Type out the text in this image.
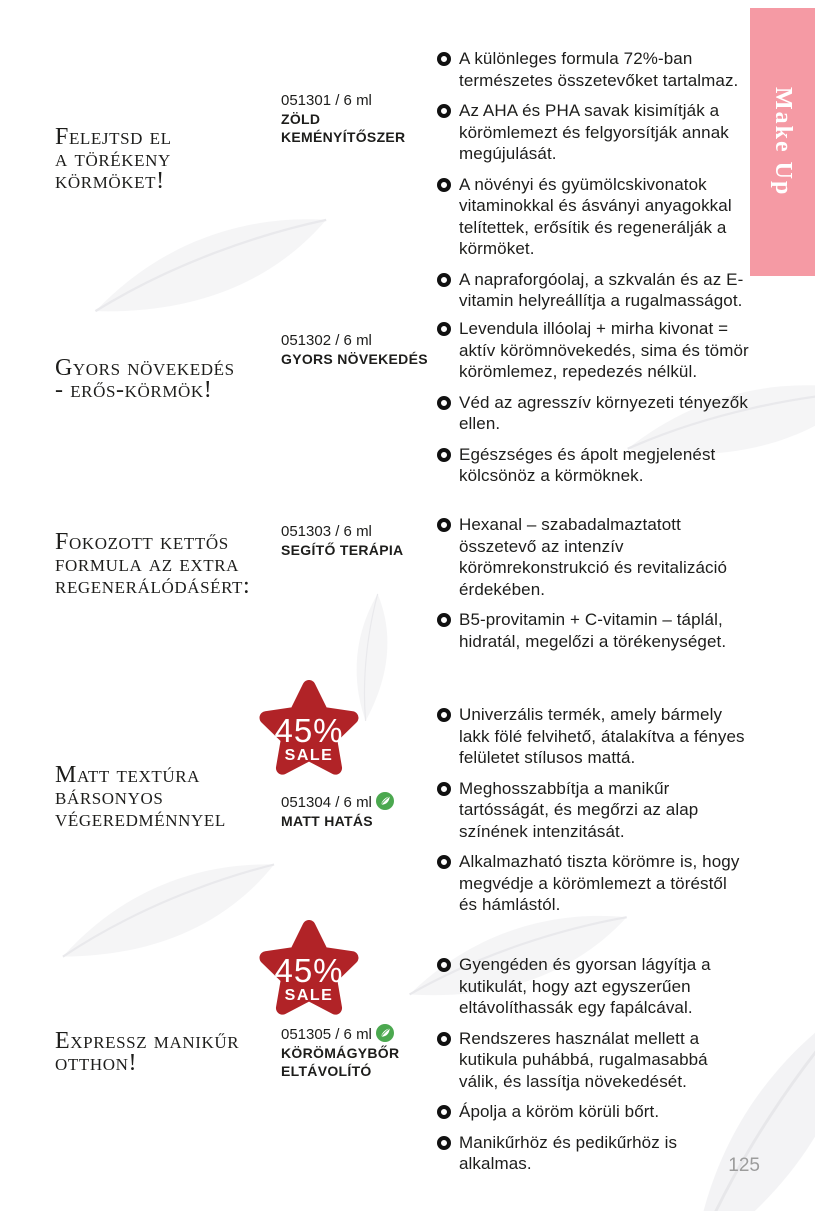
Make Up
A különleges formula 72%-ban természetes összetevőket tartalmaz.
Az AHA és PHA savak kisimítják a körömlemezt és felgyorsítják annak megújulását.
A növényi és gyümölcskivonatok vitaminokkal és ásványi anyagokkal telítettek, erősítik és regenerálják a körmöket.
A napraforgóolaj, a szkvalán és az E-vitamin helyreállítja a rugalmasságot.
051301 / 6 ml
ZÖLD
KEMÉNYÍTŐSZER
Felejtsd el
a törékeny
körmöket!
Levendula illóolaj + mirha kivonat = aktív körömnövekedés, sima és tömör körömlemez, repedezés nélkül.
Véd az agresszív környezeti tényezők ellen.
Egészséges és ápolt megjelenést kölcsönöz a körmöknek.
051302 / 6 ml
GYORS NÖVEKEDÉS
Gyors növekedés
- erős-körmök!
Hexanal – szabadalmaztatott összetevő az intenzív körömrekonstrukció és revitalizáció érdekében.
B5-provitamin + C-vitamin – táplál, hidratál, megelőzi a törékenységet.
051303 / 6 ml
SEGÍTŐ TERÁPIA
Fokozott kettős
formula az extra
regenerálódásért:
45%
SALE
Univerzális termék, amely bármely lakk fölé felvihető, átalakítva a fényes felületet stílusos mattá.
Meghosszabbítja a manikűr tartósságát, és megőrzi az alap színének intenzitását.
Alkalmazható tiszta körömre is, hogy megvédje a körömlemezt a töréstől és hámlástól.
051304 / 6 ml
MATT HATÁS
Matt textúra
bársonyos
végeredménnyel
45%
SALE
Gyengéden és gyorsan lágyítja a kutikulát, hogy azt egyszerűen eltávolíthassák egy fapálcával.
Rendszeres használat mellett a kutikula puhábbá, rugalmasabbá válik, és lassítja növekedését.
Ápolja a köröm körüli bőrt.
Manikűrhöz és pedikűrhöz is alkalmas.
051305 / 6 ml
KÖRÖMÁGYBŐR
ELTÁVOLÍTÓ
Expressz manikűr
otthon!
125
